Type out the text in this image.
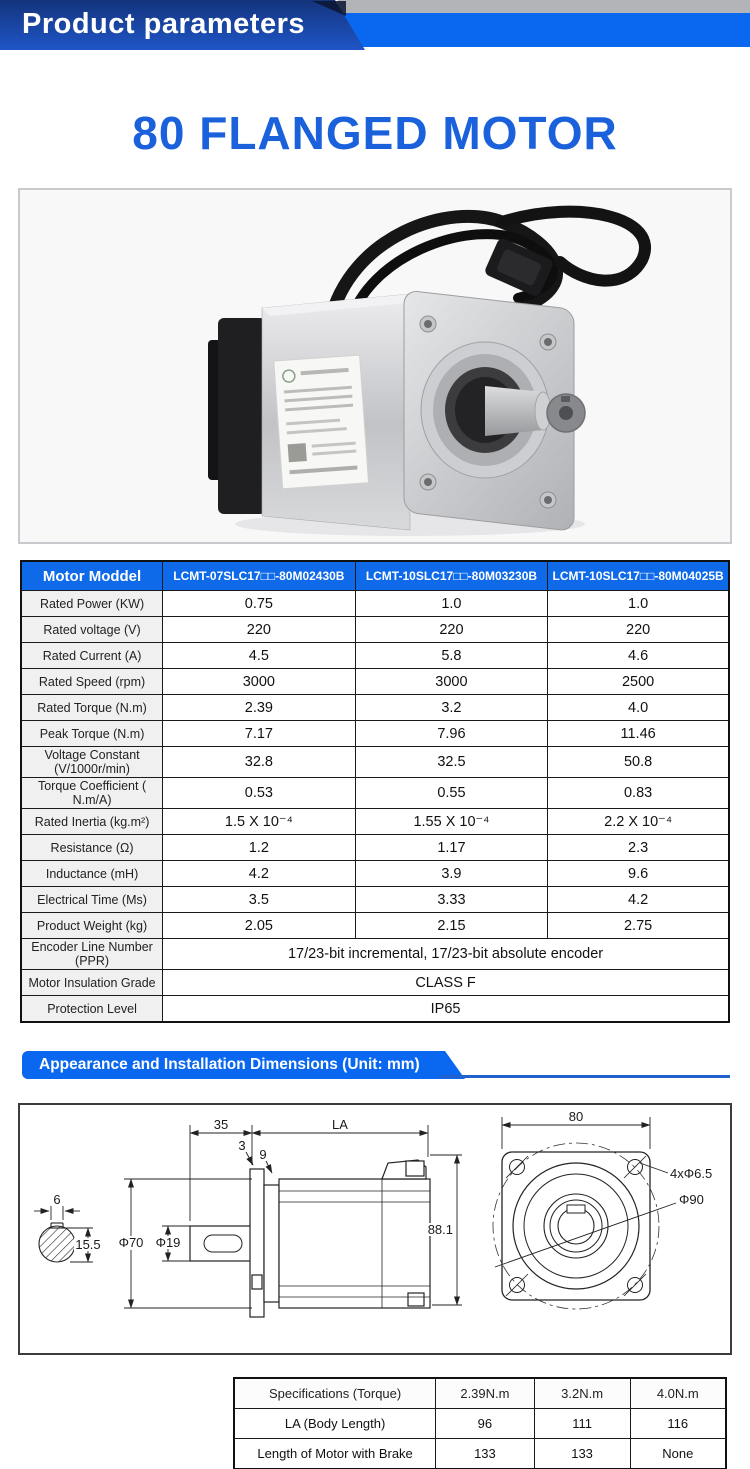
Product parameters
80 FLANGED MOTOR
Motor Moddel	LCMT-07SLC17□□-80M02430B	LCMT-10SLC17□□-80M03230B	LCMT-10SLC17□□-80M04025B
Rated Power (KW)	0.75	1.0	1.0
Rated voltage (V)	220	220	220
Rated Current (A)	4.5	5.8	4.6
Rated Speed (rpm)	3000	3000	2500
Rated Torque (N.m)	2.39	3.2	4.0
Peak Torque (N.m)	7.17	7.96	11.46
Voltage Constant (V/1000r/min)	32.8	32.5	50.8
Torque Coefficient ( N.m/A)	0.53	0.55	0.83
Rated Inertia (kg.m²)	1.5 X 10⁻⁴	1.55 X 10⁻⁴	2.2 X 10⁻⁴
Resistance (Ω)	1.2	1.17	2.3
Inductance (mH)	4.2	3.9	9.6
Electrical Time (Ms)	3.5	3.33	4.2
Product Weight (kg)	2.05	2.15	2.75
Encoder Line Number (PPR)	17/23-bit incremental, 17/23-bit absolute encoder		
Motor Insulation Grade	CLASS F		
Protection Level	IP65		
Appearance and Installation Dimensions (Unit: mm)
6
15.5 Φ70 Φ19
35	LA
3
9
88.1
80
4xΦ6.5
Φ90
Specifications (Torque)	2.39N.m	3.2N.m	4.0N.m
LA (Body Length)	96	111	116
Length of Motor with Brake	133	133	None
